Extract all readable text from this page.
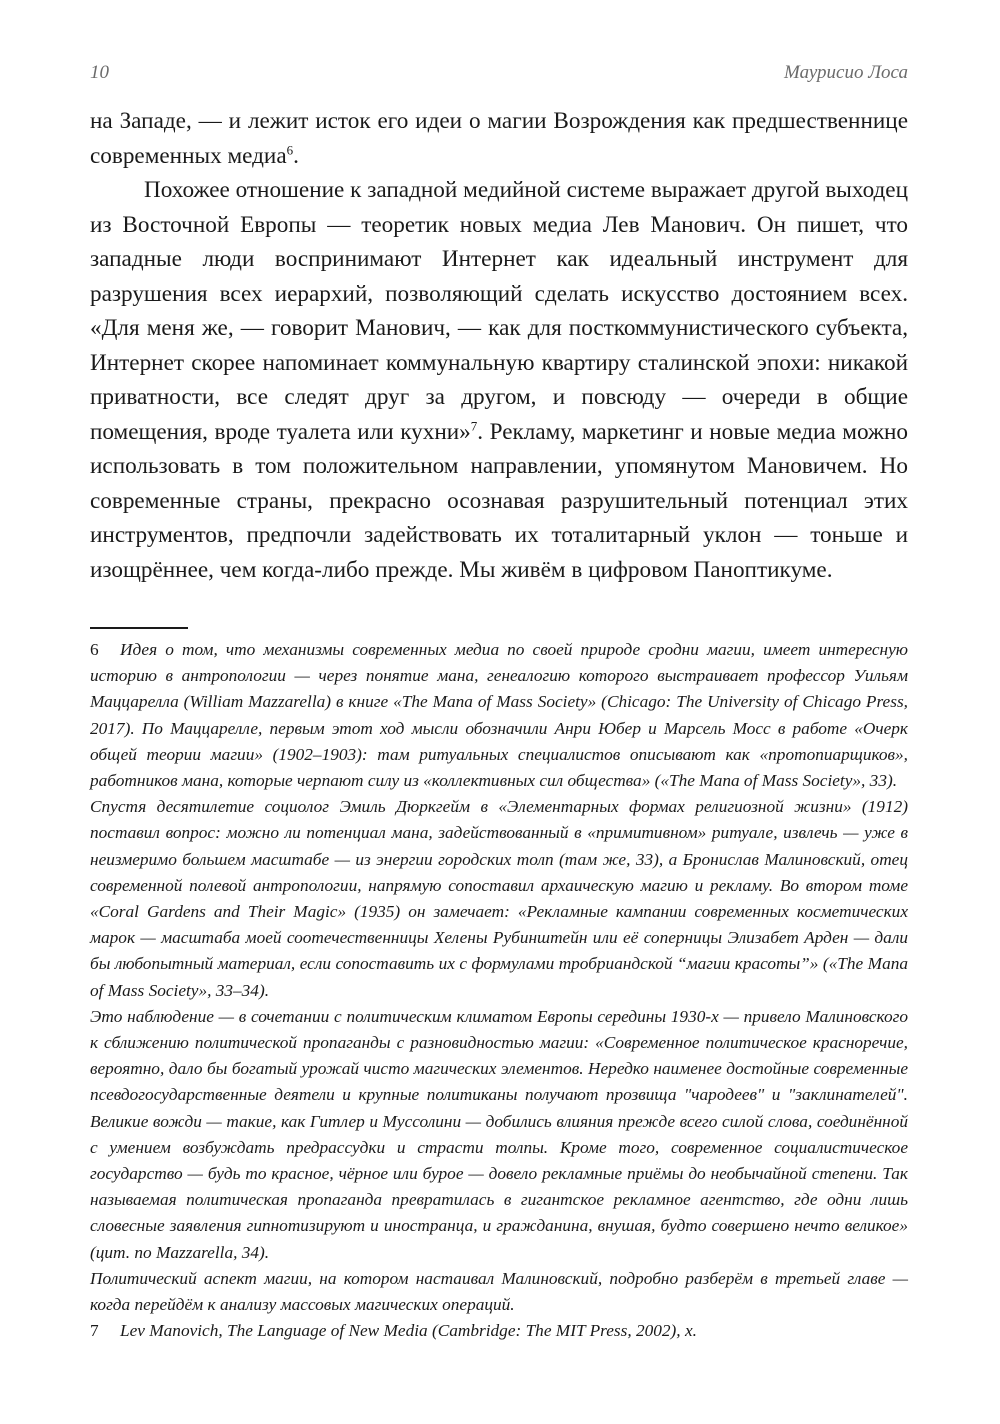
10	Маурисио Лоса

на Западе, — и лежит исток его идеи о магии Возрождения как предшественнице современных медиа$^6$.

Похожее отношение к западной медийной системе выражает другой выходец из Восточной Европы — теоретик новых медиа Лев Манович. Он пишет, что западные люди воспринимают Интернет как идеальный инструмент для разрушения всех иерархий, позволяющий сделать искусство достоянием всех. «Для меня же, — говорит Манович, — как для посткоммунистического субъекта, Интернет скорее напоминает коммунальную квартиру сталинской эпохи: никакой приватности, все следят друг за другом, и повсюду — очереди в общие помещения, вроде туалета или кухни»$^7$. Рекламу, маркетинг и новые медиа можно использовать в том положительном направлении, упомянутом Мановичем. Но современные страны, прекрасно осознавая разрушительный потенциал этих инструментов, предпочли задействовать их тоталитарный уклон — тоньше и изощрённее, чем когда-либо прежде. Мы живём в цифровом Паноптикуме.

6 Идея о том, что механизмы современных медиа по своей природе сродни магии, имеет интересную историю в антропологии — через понятие мана, генеалогию которого выстраивает профессор Уильям Маццарелла (William Mazzarella) в книге «The Mana of Mass Society» (Chicago: The University of Chicago Press, 2017). По Маццарелле, первым этот ход мысли обозначили Анри Юбер и Марсель Мосс в работе «Очерк общей теории магии» (1902–1903): там ритуальных специалистов описывают как «протопиарщиков», работников мана, которые черпают силу из «коллективных сил общества» («The Mana of Mass Society», 33).

Спустя десятилетие социолог Эмиль Дюркгейм в «Элементарных формах религиозной жизни» (1912) поставил вопрос: можно ли потенциал мана, задействованный в «примитивном» ритуале, извлечь — уже в неизмеримо большем масштабе — из энергии городских толп (там же, 33), а Бронислав Малиновский, отец современной полевой антропологии, напрямую сопоставил архаическую магию и рекламу. Во втором томе «Coral Gardens and Their Magic» (1935) он замечает: «Рекламные кампании современных косметических марок — масштаба моей соотечественницы Хелены Рубинштейн или её соперницы Элизабет Арден — дали бы любопытный материал, если сопоставить их с формулами тробриандской “магии красоты”» («The Mana of Mass Society», 33–34).

Это наблюдение — в сочетании с политическим климатом Европы середины 1930-х — привело Малиновского к сближению политической пропаганды с разновидностью магии: «Современное политическое красноречие, вероятно, дало бы богатый урожай чисто магических элементов. Нередко наименее достойные современные псевдогосударственные деятели и крупные политиканы получают прозвища "чародеев" и "заклинателей". Великие вожди — такие, как Гитлер и Муссолини — добились влияния прежде всего силой слова, соединённой с умением возбуждать предрассудки и страсти толпы. Кроме того, современное социалистическое государство — будь то красное, чёрное или бурое — довело рекламные приёмы до необычайной степени. Так называемая политическая пропаганда превратилась в гигантское рекламное агентство, где одни лишь словесные заявления гипнотизируют и иностранца, и гражданина, внушая, будто совершено нечто великое» (цит. по Mazzarella, 34).

Политический аспект магии, на котором настаивал Малиновский, подробно разберём в третьей главе — когда перейдём к анализу массовых магических операций.

7 Lev Manovich, The Language of New Media (Cambridge: The MIT Press, 2002), x.
